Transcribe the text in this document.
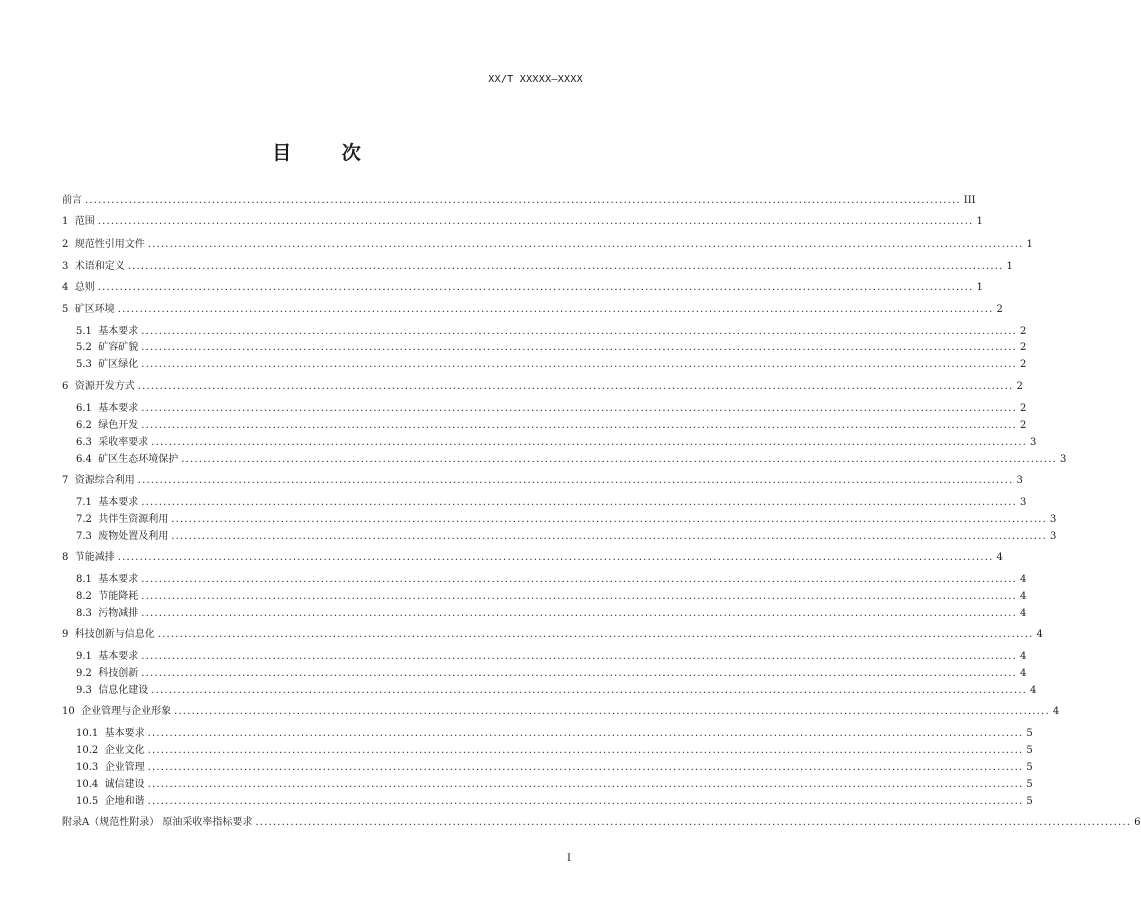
XX/T XXXXX—XXXX
目 次
前言 ........................................................................................................................................................................................................ III
1 范围 ........................................................................................................................................................................................................ 1
2 规范性引用文件 ........................................................................................................................................................................................................ 1
3 术语和定义 ........................................................................................................................................................................................................ 1
4 总则 ........................................................................................................................................................................................................ 1
5 矿区环境 ........................................................................................................................................................................................................ 2
5.1 基本要求 ........................................................................................................................................................................................................ 2
5.2 矿容矿貌 ........................................................................................................................................................................................................ 2
5.3 矿区绿化 ........................................................................................................................................................................................................ 2
6 资源开发方式 ........................................................................................................................................................................................................ 2
6.1 基本要求 ........................................................................................................................................................................................................ 2
6.2 绿色开发 ........................................................................................................................................................................................................ 2
6.3 采收率要求 ........................................................................................................................................................................................................ 3
6.4 矿区生态环境保护 ........................................................................................................................................................................................................ 3
7 资源综合利用 ........................................................................................................................................................................................................ 3
7.1 基本要求 ........................................................................................................................................................................................................ 3
7.2 共伴生资源利用 ........................................................................................................................................................................................................ 3
7.3 废物处置及利用 ........................................................................................................................................................................................................ 3
8 节能减排 ........................................................................................................................................................................................................ 4
8.1 基本要求 ........................................................................................................................................................................................................ 4
8.2 节能降耗 ........................................................................................................................................................................................................ 4
8.3 污物减排 ........................................................................................................................................................................................................ 4
9 科技创新与信息化 ........................................................................................................................................................................................................ 4
9.1 基本要求 ........................................................................................................................................................................................................ 4
9.2 科技创新 ........................................................................................................................................................................................................ 4
9.3 信息化建设 ........................................................................................................................................................................................................ 4
10 企业管理与企业形象 ........................................................................................................................................................................................................ 4
10.1 基本要求 ........................................................................................................................................................................................................ 5
10.2 企业文化 ........................................................................................................................................................................................................ 5
10.3 企业管理 ........................................................................................................................................................................................................ 5
10.4 诚信建设 ........................................................................................................................................................................................................ 5
10.5 企地和谐 ........................................................................................................................................................................................................ 5
附录A（规范性附录） 原油采收率指标要求 ........................................................................................................................................................................................................ 6
I
